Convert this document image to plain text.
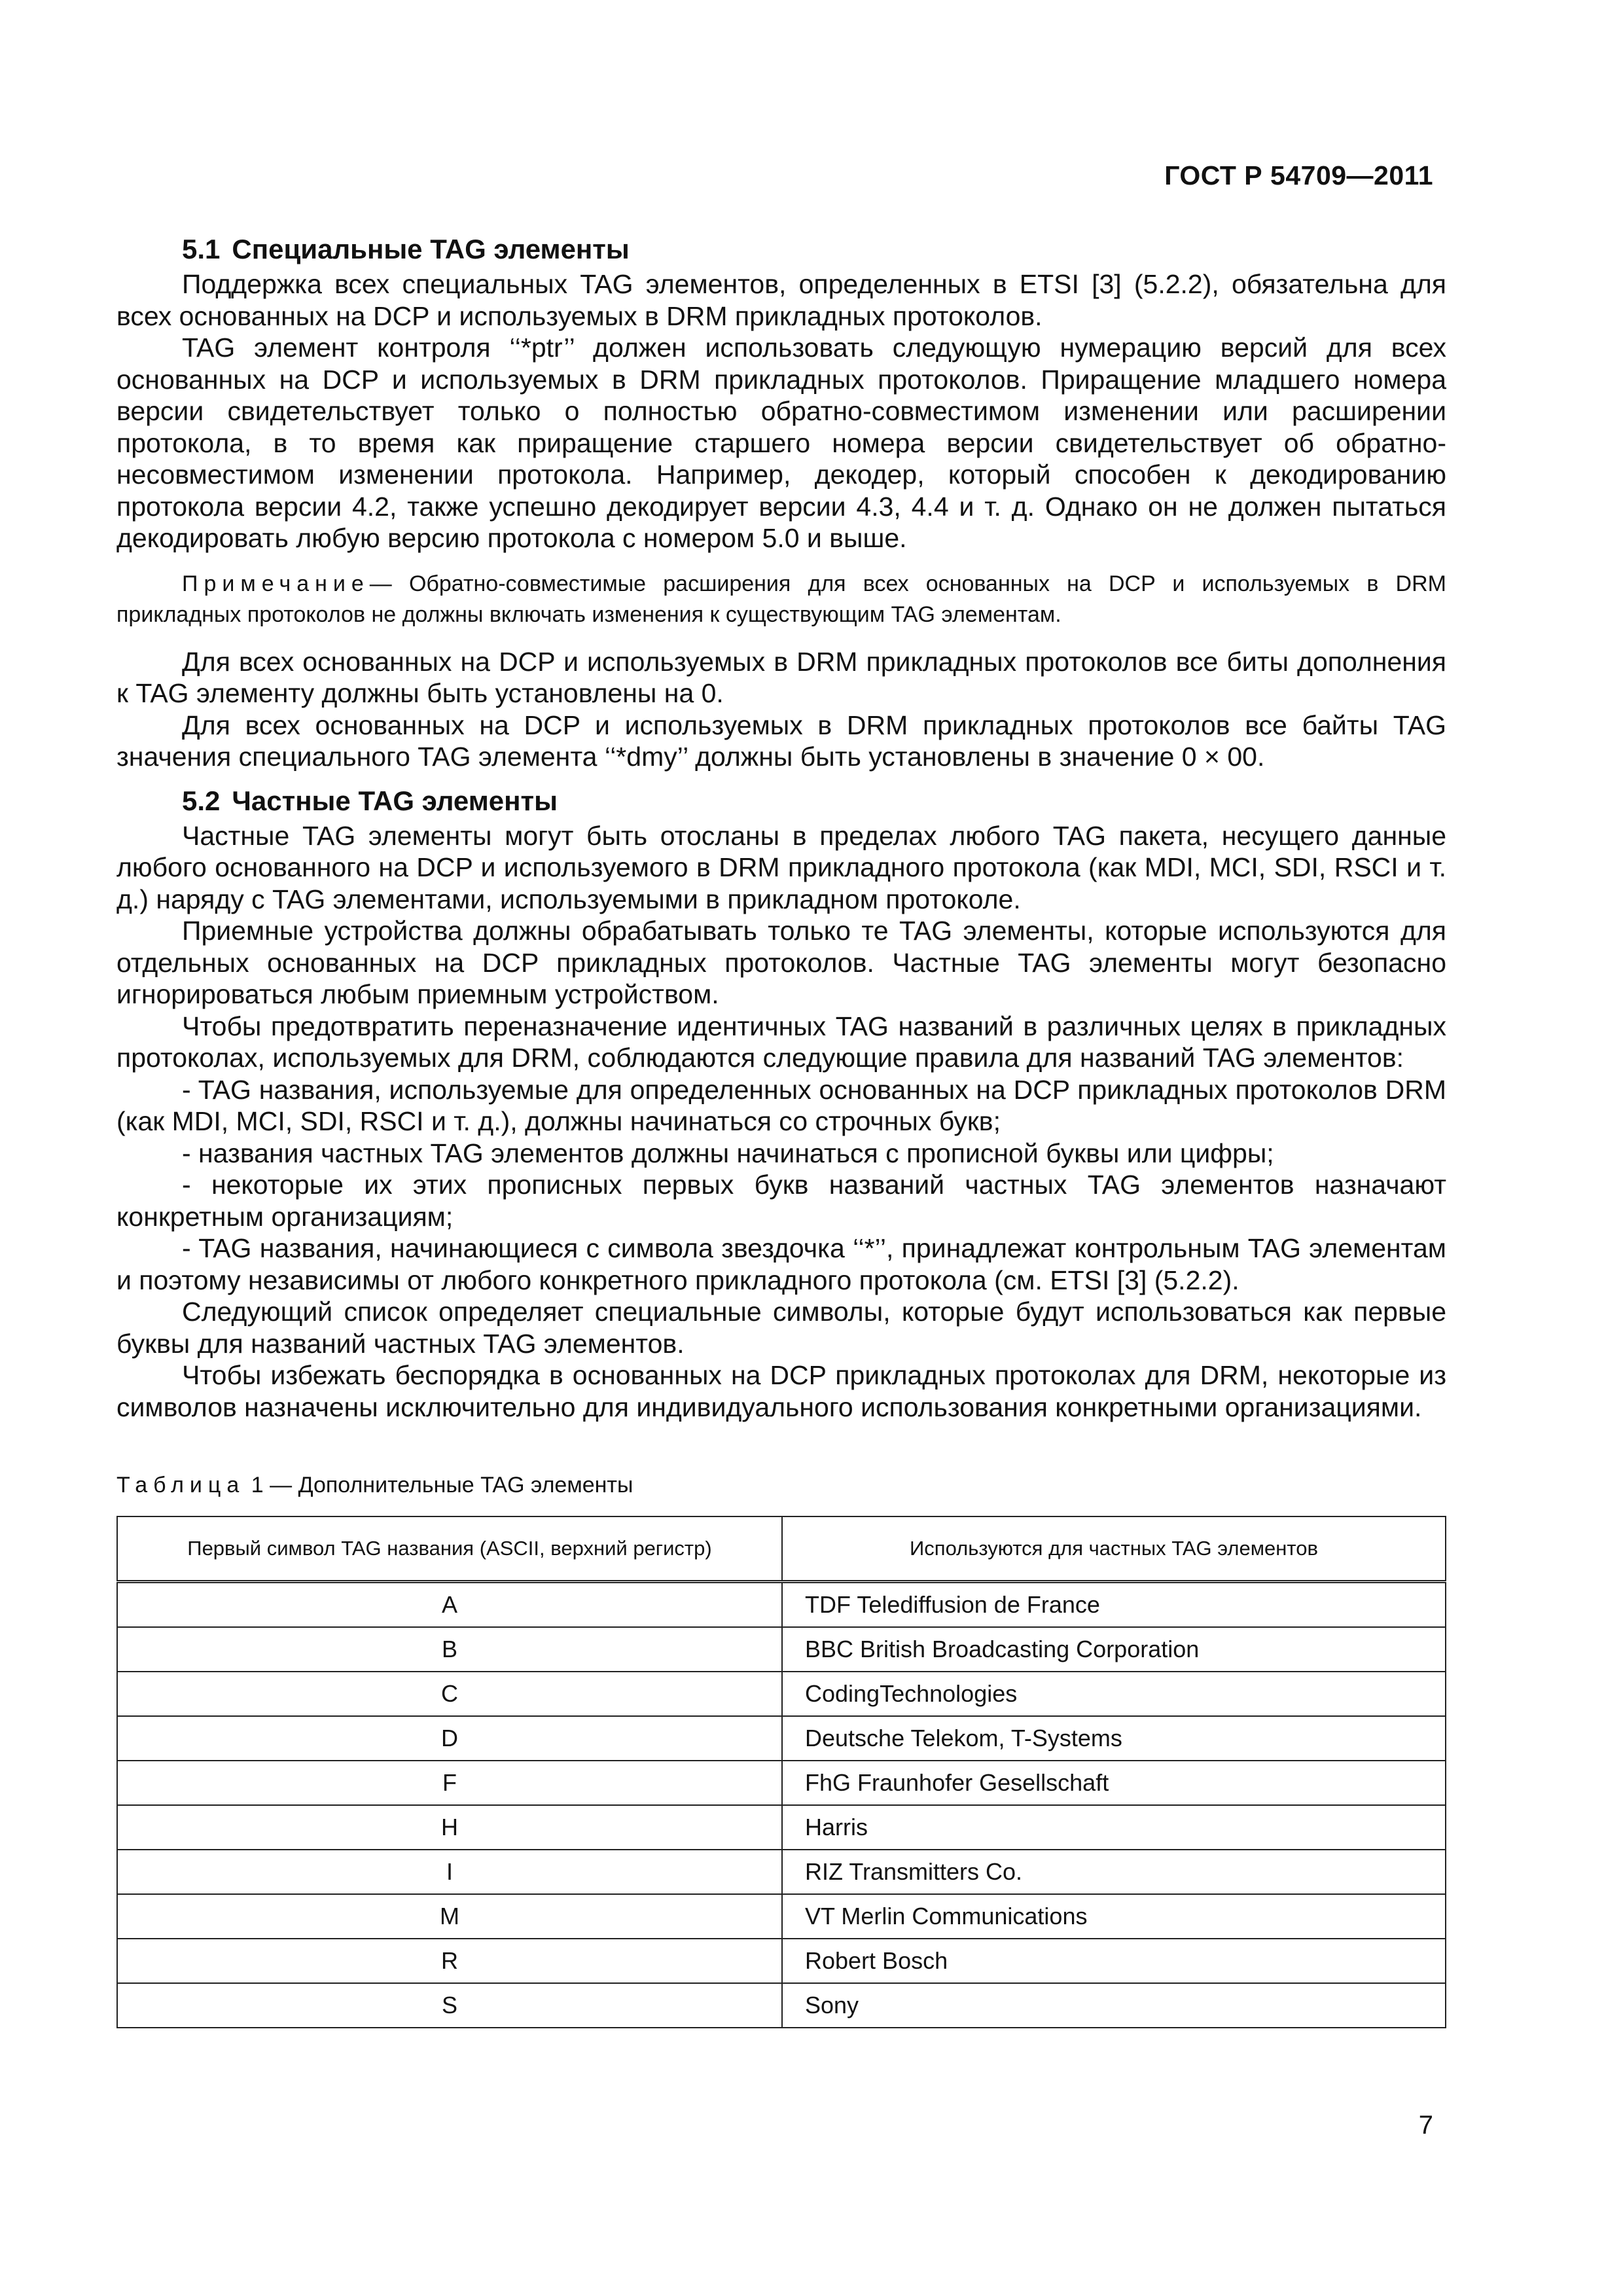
ГОСТ Р 54709—2011
5.1 Специальные TAG элементы

Поддержка всех специальных TAG элементов, определенных в ETSI [3] (5.2.2), обязательна для всех основанных на DCP и используемых в DRM прикладных протоколов.

TAG элемент контроля ‘‘*ptr’’ должен использовать следующую нумерацию версий для всех основанных на DCP и используемых в DRM прикладных протоколов. Приращение младшего номера версии свидетельствует только о полностью обратно-совместимом изменении или расширении протокола, в то время как приращение старшего номера версии свидетельствует об обратно-несовместимом изменении протокола. Например, декодер, который способен к декодированию протокола версии 4.2, также успешно декодирует версии 4.3, 4.4 и т. д. Однако он не должен пытаться декодировать любую версию протокола с номером 5.0 и выше.

Примечание— Обратно-совместимые расширения для всех основанных на DCP и используемых в DRM прикладных протоколов не должны включать изменения к существующим TAG элементам.

Для всех основанных на DCP и используемых в DRM прикладных протоколов все биты дополнения к TAG элементу должны быть установлены на 0.

Для всех основанных на DCP и используемых в DRM прикладных протоколов все байты TAG значения специального TAG элемента ‘‘*dmy’’ должны быть установлены в значение 0 × 00.

5.2 Частные TAG элементы

Частные TAG элементы могут быть отосланы в пределах любого TAG пакета, несущего данные любого основанного на DCP и используемого в DRM прикладного протокола (как MDI, MCI, SDI, RSCI и т. д.) наряду с TAG элементами, используемыми в прикладном протоколе.

Приемные устройства должны обрабатывать только те TAG элементы, которые используются для отдельных основанных на DCP прикладных протоколов. Частные TAG элементы могут безопасно игнорироваться любым приемным устройством.

Чтобы предотвратить переназначение идентичных TAG названий в различных целях в прикладных протоколах, используемых для DRM, соблюдаются следующие правила для названий TAG элементов:

- TAG названия, используемые для определенных основанных на DCP прикладных протоколов DRM (как MDI, MCI, SDI, RSCI и т. д.), должны начинаться со строчных букв;

- названия частных TAG элементов должны начинаться с прописной буквы или цифры;

- некоторые их этих прописных первых букв названий частных TAG элементов назначают конкретным организациям;

- TAG названия, начинающиеся с символа звездочка ‘‘*’’, принадлежат контрольным TAG элементам и поэтому независимы от любого конкретного прикладного протокола (см. ETSI [3] (5.2.2).

Следующий список определяет специальные символы, которые будут использоваться как первые буквы для названий частных TAG элементов.

Чтобы избежать беспорядка в основанных на DCP прикладных протоколах для DRM, некоторые из символов назначены исключительно для индивидуального использования конкретными организациями.

Таблица 1 — Дополнительные TAG элементы
Первый символ TAG названия (ASCII, верхний регистр)	Используются для частных TAG элементов
A	TDF Telediffusion de France
B	BBC British Broadcasting Corporation
C	CodingTechnologies
D	Deutsche Telekom, T-Systems
F	FhG Fraunhofer Gesellschaft
H	Harris
I	RIZ Transmitters Co.
M	VT Merlin Communications
R	Robert Bosch
S	Sony
7
